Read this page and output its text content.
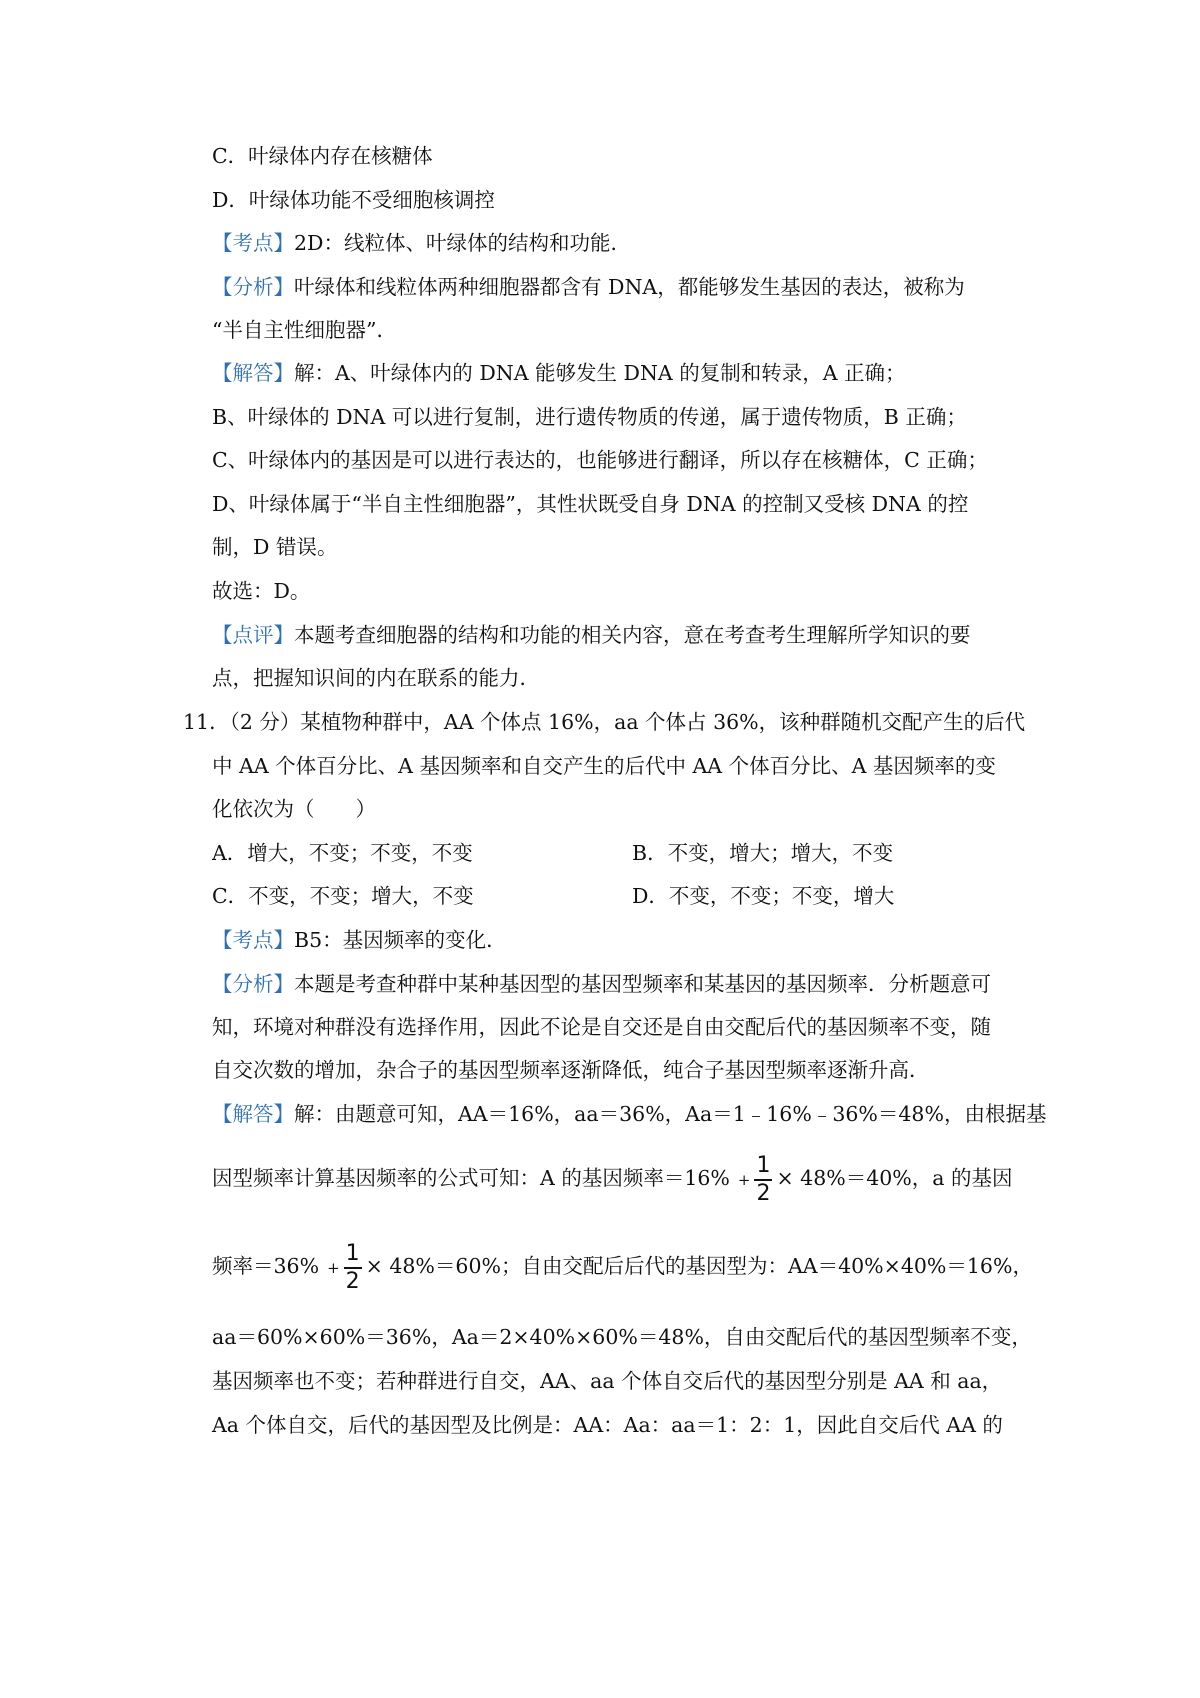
C．叶绿体内存在核糖体
D．叶绿体功能不受细胞核调控
【考点】2D：线粒体、叶绿体的结构和功能．
【分析】叶绿体和线粒体两种细胞器都含有 DNA，都能够发生基因的表达，被称为
“半自主性细胞器”．
【解答】解：A、叶绿体内的 DNA 能够发生 DNA 的复制和转录，A 正确；
B、叶绿体的 DNA 可以进行复制，进行遗传物质的传递，属于遗传物质，B 正确；
C、叶绿体内的基因是可以进行表达的，也能够进行翻译，所以存在核糖体，C 正确；
D、叶绿体属于“半自主性细胞器”，其性状既受自身 DNA 的控制又受核 DNA 的控
制，D 错误。
故选：D。
【点评】本题考查细胞器的结构和功能的相关内容，意在考查考生理解所学知识的要
点，把握知识间的内在联系的能力．
11．（2 分）某植物种群中，AA 个体点 16%，aa 个体占 36%，该种群随机交配产生的后代
中 AA 个体百分比、A 基因频率和自交产生的后代中 AA 个体百分比、A 基因频率的变
化依次为（　　）
A．增大，不变；不变，不变	B．不变，增大；增大，不变
C．不变，不变；增大，不变	D．不变，不变；不变，增大
【考点】B5：基因频率的变化．
【分析】本题是考查种群中某种基因型的基因型频率和某基因的基因频率．分析题意可
知，环境对种群没有选择作用，因此不论是自交还是自由交配后代的基因频率不变，随
自交次数的增加，杂合子的基因型频率逐渐降低，纯合子基因型频率逐渐升高．
【解答】解：由题意可知，AA＝16%，aa＝36%，Aa＝1﹣16%﹣36%＝48%，由根据基
因型频率计算基因频率的公式可知：A 的基因频率$=16\% + \frac{1}{2} \times 48\%=40\%$，a 的基因
频率$=36\% + \frac{1}{2} \times 48\%=60\%$；自由交配后后代的基因型为：AA＝40%×40%＝16%，
aa＝60%×60%＝36%，Aa＝2×40%×60%＝48%，自由交配后代的基因型频率不变，
基因频率也不变；若种群进行自交，AA、aa 个体自交后代的基因型分别是 AA 和 aa，
Aa 个体自交，后代的基因型及比例是：AA：Aa：aa＝1：2：1，因此自交后代 AA 的
